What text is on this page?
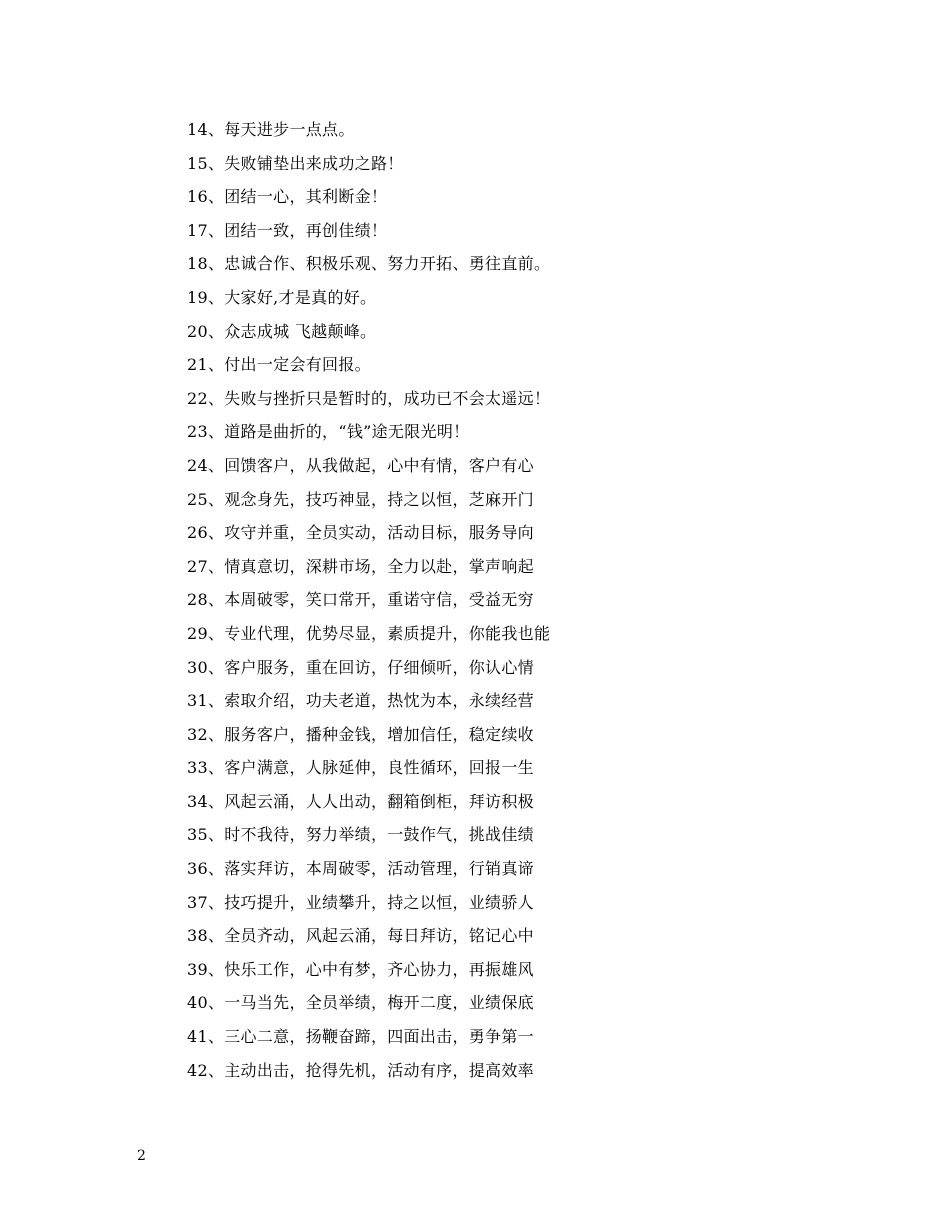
14、每天进步一点点。
15、失败铺垫出来成功之路！
16、团结一心，其利断金！
17、团结一致，再创佳绩！
18、忠诚合作、积极乐观、努力开拓、勇往直前。
19、大家好,才是真的好。
20、众志成城 飞越颠峰。
21、付出一定会有回报。
22、失败与挫折只是暂时的，成功已不会太遥远！
23、道路是曲折的，“钱”途无限光明！
24、回馈客户，从我做起，心中有情，客户有心
25、观念身先，技巧神显，持之以恒，芝麻开门
26、攻守并重，全员实动，活动目标，服务导向
27、情真意切，深耕市场，全力以赴，掌声响起
28、本周破零，笑口常开，重诺守信，受益无穷
29、专业代理，优势尽显，素质提升，你能我也能
30、客户服务，重在回访，仔细倾听，你认心情
31、索取介绍，功夫老道，热忱为本，永续经营
32、服务客户，播种金钱，增加信任，稳定续收
33、客户满意，人脉延伸，良性循环，回报一生
34、风起云涌，人人出动，翻箱倒柜，拜访积极
35、时不我待，努力举绩，一鼓作气，挑战佳绩
36、落实拜访，本周破零，活动管理，行销真谛
37、技巧提升，业绩攀升，持之以恒，业绩骄人
38、全员齐动，风起云涌，每日拜访，铭记心中
39、快乐工作，心中有梦，齐心协力，再振雄风
40、一马当先，全员举绩，梅开二度，业绩保底
41、三心二意，扬鞭奋蹄，四面出击，勇争第一
42、主动出击，抢得先机，活动有序，提高效率
2
